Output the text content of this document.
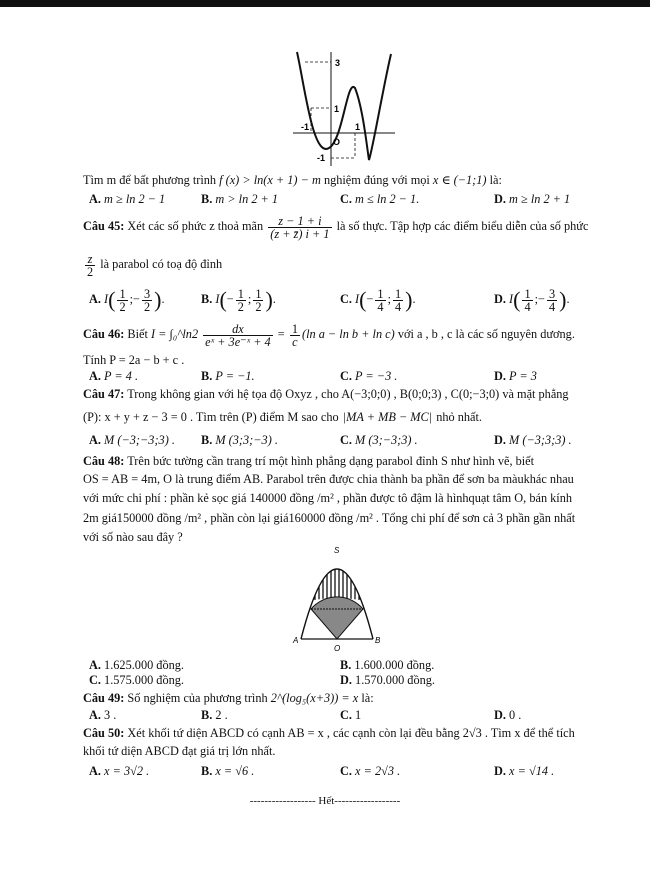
3
1
-1	1
O
-1
Tìm m để bất phương trình f (x) > ln(x + 1) − m nghiệm đúng với mọi x ∈ (−1;1) là:
A. m ≥ ln 2 − 1	B. m > ln 2 + 1	C. m ≤ ln 2 − 1.	D. m ≥ ln 2 + 1
Câu 45: Xét các số phức z thoả mãn $\frac{z - 1 + i}{(z + z̄) i + 1}$ là số thực. Tập hợp các điểm biểu diễn của số phức
$\frac{z}{2}$ là parabol có toạ độ đỉnh
A. $I( \frac{1}{2}$ ;− $\frac{3}{2}$ ).	B. $I(- \frac{1}{2}$ ; $\frac{1}{2}$ ).	C. $I(- \frac{1}{4}$ ; $\frac{1}{4}$ ).	D. $I( \frac{1}{4}$ ;− $\frac{3}{4}$ ).
Câu 46: Biết I = ∫₀^ln2 $\frac{dx}{\text{eˣ + 3e⁻ˣ + 4}} = \frac{1}{c} (\ln$ a − ln b + ln c) với a , b , c là các số nguyên dương.
Tính P = 2a − b + c .
A. P = 4 .	B. P = −1.	C. P = −3 .	D. P = 3
Câu 47: Trong không gian với hệ tọa độ Oxyz , cho A(−3;0;0) , B(0;0;3) , C(0;−3;0) và mặt phẳng
(P): x + y + z − 3 = 0 . Tìm trên (P) điểm M sao cho |MA + MB − MC| nhỏ nhất.
A. M (−3;−3;3) . B. M (3;3;−3) .	C. M (3;−3;3) .	D. M (−3;3;3) .
Câu 48: Trên bức tường cần trang trí một hình phẳng dạng parabol đỉnh S như hình vẽ, biết
OS = AB = 4m, O là trung điểm AB. Parabol trên được chia thành ba phần để sơn ba màukhác nhau
với mức chi phí : phần kẻ sọc giá 140000 đồng /m² , phần được tô đậm là hìnhquạt tâm O, bán kính
2m giá150000 đồng /m² , phần còn lại giá160000 đồng /m² . Tổng chi phí để sơn cả 3 phần gần nhất
với số nào sau đây ?
S
A
O
B
A. 1.625.000 đồng.	B. 1.600.000 đồng.
C. 1.575.000 đồng.	D. 1.570.000 đồng.
Câu 49: Số nghiệm của phương trình 2^(log₅(x+3)) = x là:
A. 3 .	B. 2 .	C. 1	D. 0 .
Câu 50: Xét khối tứ diện ABCD có cạnh AB = x , các cạnh còn lại đều bằng 2√3 . Tìm x để thể tích
khối tứ diện ABCD đạt giá trị lớn nhất.
A. x = 3√2 .	B. x = √6 .	C. x = 2√3 .	D. x = √14 .
------------------ Hết------------------
